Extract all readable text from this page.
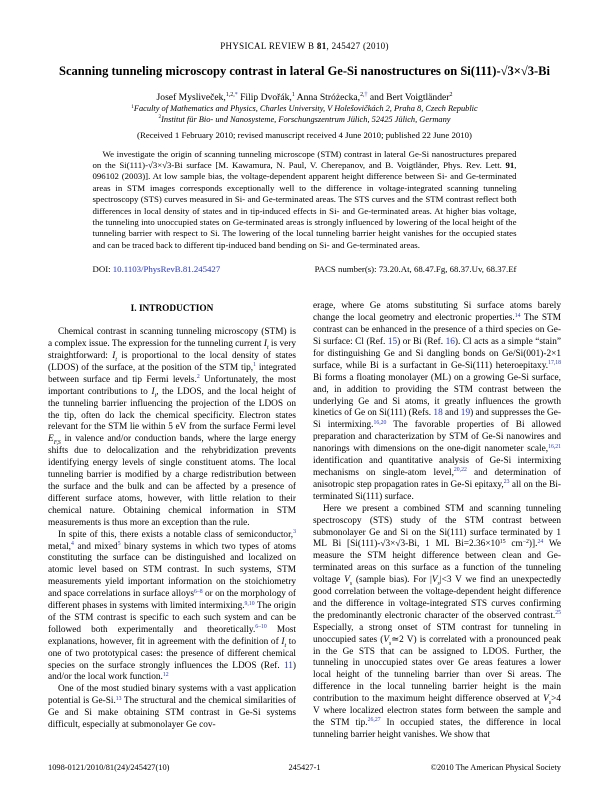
PHYSICAL REVIEW B 81, 245427 (2010)
Scanning tunneling microscopy contrast in lateral Ge-Si nanostructures on Si(111)-√3×√3-Bi
Josef Mysliveček,$^{1,2,*}$ Filip Dvořák,$^1$ Anna Stróżecka,$^{2,\dagger}$ and Bert Voigtländer$^2$
$^1$Faculty of Mathematics and Physics, Charles University, V Holešovičkách 2, Praha 8, Czech Republic
$^2$Institut für Bio- und Nanosysteme, Forschungszentrum Jülich, 52425 Jülich, Germany
(Received 1 February 2010; revised manuscript received 4 June 2010; published 22 June 2010)
We investigate the origin of scanning tunneling microscope (STM) contrast in lateral Ge-Si nanostructures prepared on the Si(111)-√3×√3-Bi surface [M. Kawamura, N. Paul, V. Cherepanov, and B. Voigtländer, Phys. Rev. Lett. 91, 096102 (2003)]. At low sample bias, the voltage-dependent apparent height difference between Si- and Ge-terminated areas in STM images corresponds exceptionally well to the difference in voltage-integrated scanning tunneling spectroscopy (STS) curves measured in Si- and Ge-terminated areas. The STS curves and the STM contrast reflect both differences in local density of states and in tip-induced effects in Si- and Ge-terminated areas. At higher bias voltage, the tunneling into unoccupied states on Ge-terminated areas is strongly influenced by lowering of the local height of the tunneling barrier with respect to Si. The lowering of the local tunneling barrier height vanishes for the occupied states and can be traced back to different tip-induced band bending on Si- and Ge-terminated areas.
DOI: 10.1103/PhysRevB.81.245427	PACS number(s): 73.20.At, 68.47.Fg, 68.37.Uv, 68.37.Ef
I. INTRODUCTION
Chemical contrast in scanning tunneling microscopy (STM) is a complex issue. The expression for the tunneling current $I_t$ is very straightforward: $I_t$ is proportional to the local density of states (LDOS) of the surface, at the position of the STM tip,$^1$ integrated between surface and tip Fermi levels.$^2$ Unfortunately, the most important contributions to $I_t$, the LDOS, and the local height of the tunneling barrier influencing the projection of the LDOS on the tip, often do lack the chemical specificity. Electron states relevant for the STM lie within 5 eV from the surface Fermi level $E_{F,S}$ in valence and/or conduction bands, where the large energy shifts due to delocalization and the rehybridization prevents identifying energy levels of single constituent atoms. The local tunneling barrier is modified by a charge redistribution between the surface and the bulk and can be affected by a presence of different surface atoms, however, with little relation to their chemical nature. Obtaining chemical information in STM measurements is thus more an exception than the rule.
In spite of this, there exists a notable class of semiconductor,$^3$ metal,$^4$ and mixed$^5$ binary systems in which two types of atoms constituting the surface can be distinguished and localized on atomic level based on STM contrast. In such systems, STM measurements yield important information on the stoichiometry and space correlations in surface alloys$^{6-8}$ or on the morphology of different phases in systems with limited intermixing.$^{9,10}$ The origin of the STM contrast is specific to each such system and can be followed both experimentally and theoretically.$^{6-10}$ Most explanations, however, fit in agreement with the definition of $I_t$ to one of two prototypical cases: the presence of different chemical species on the surface strongly influences the LDOS (Ref. 11) and/or the local work function.$^{12}$
One of the most studied binary systems with a vast application potential is Ge-Si.$^{13}$ The structural and the chemical similarities of Ge and Si make obtaining STM contrast in Ge-Si systems difficult, especially at submonolayer Ge cov-
erage, where Ge atoms substituting Si surface atoms barely change the local geometry and electronic properties.$^{14}$ The STM contrast can be enhanced in the presence of a third species on Ge-Si surface: Cl (Ref. 15) or Bi (Ref. 16). Cl acts as a simple “stain” for distinguishing Ge and Si dangling bonds on Ge/Si(001)-2×1 surface, while Bi is a surfactant in Ge-Si(111) heteroepitaxy.$^{17,18}$ Bi forms a floating monolayer (ML) on a growing Ge-Si surface, and, in addition to providing the STM contrast between the underlying Ge and Si atoms, it greatly influences the growth kinetics of Ge on Si(111) (Refs. 18 and 19) and suppresses the Ge-Si intermixing.$^{16,20}$ The favorable properties of Bi allowed preparation and characterization by STM of Ge-Si nanowires and nanorings with dimensions on the one-digit nanometer scale,$^{16,21}$ identification and quantitative analysis of Ge-Si intermixing mechanisms on single-atom level,$^{20,22}$ and determination of anisotropic step propagation rates in Ge-Si epitaxy,$^{23}$ all on the Bi-terminated Si(111) surface.
Here we present a combined STM and scanning tunneling spectroscopy (STS) study of the STM contrast between submonolayer Ge and Si on the Si(111) surface terminated by 1 ML Bi [Si(111)-√3×√3-Bi, 1 ML $Bi=2.36\times 10^{15}$ $cm^{-2})].^{24}$ We measure the STM height difference between clean and Ge-terminated areas on this surface as a function of the tunneling voltage $V_s$ (sample bias). For $|V_s|<3$ V we find an unexpectedly good correlation between the voltage-dependent height difference and the difference in voltage-integrated STS curves confirming the predominantly electronic character of the observed contrast.$^{25}$ Especially, a strong onset of STM contrast for tunneling in unoccupied sates ($V_s≃2$ V) is correlated with a pronounced peak in the Ge STS that can be assigned to LDOS. Further, the tunneling in unoccupied states over Ge areas features a lower local height of the tunneling barrier than over Si areas. The difference in the local tunneling barrier height is the main contribution to the maximum height difference observed at $V_s>4$ V where localized electron states form between the sample and the STM tip.$^{26,27}$ In occupied states, the difference in local tunneling barrier height vanishes. We show that
245427-1
1098-0121/2010/81(24)/245427(10)	©2010 The American Physical Society
